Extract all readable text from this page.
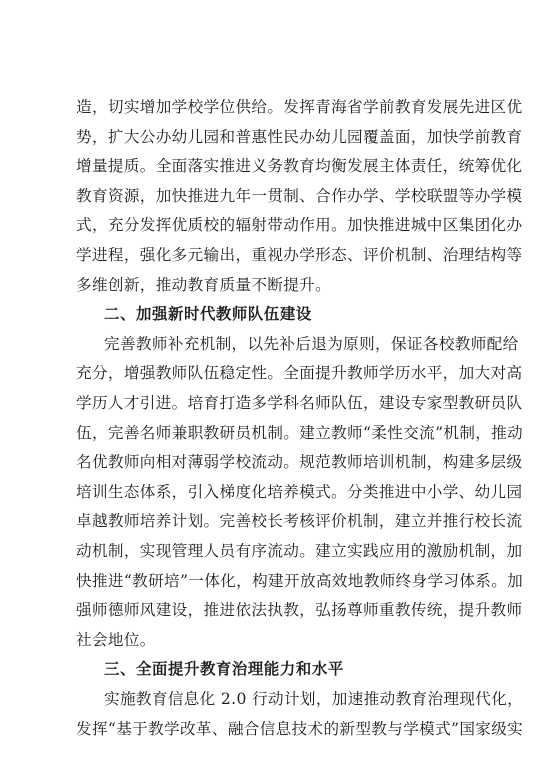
造，切实增加学校学位供给。发挥青海省学前教育发展先进区优
势，扩大公办幼儿园和普惠性民办幼儿园覆盖面，加快学前教育
增量提质。全面落实推进义务教育均衡发展主体责任，统筹优化
教育资源，加快推进九年一贯制、合作办学、学校联盟等办学模
式，充分发挥优质校的辐射带动作用。加快推进城中区集团化办
学进程，强化多元输出，重视办学形态、评价机制、治理结构等
多维创新，推动教育质量不断提升。
二、加强新时代教师队伍建设
完善教师补充机制，以先补后退为原则，保证各校教师配给
充分，增强教师队伍稳定性。全面提升教师学历水平，加大对高
学历人才引进。培育打造多学科名师队伍，建设专家型教研员队
伍，完善名师兼职教研员机制。建立教师“柔性交流”机制，推动
名优教师向相对薄弱学校流动。规范教师培训机制，构建多层级
培训生态体系，引入梯度化培养模式。分类推进中小学、幼儿园
卓越教师培养计划。完善校长考核评价机制，建立并推行校长流
动机制，实现管理人员有序流动。建立实践应用的激励机制，加
快推进“教研培”一体化，构建开放高效地教师终身学习体系。加
强师德师风建设，推进依法执教，弘扬尊师重教传统，提升教师
社会地位。
三、全面提升教育治理能力和水平
实施教育信息化 2.0 行动计划，加速推动教育治理现代化，
发挥“基于教学改革、融合信息技术的新型教与学模式”国家级实
